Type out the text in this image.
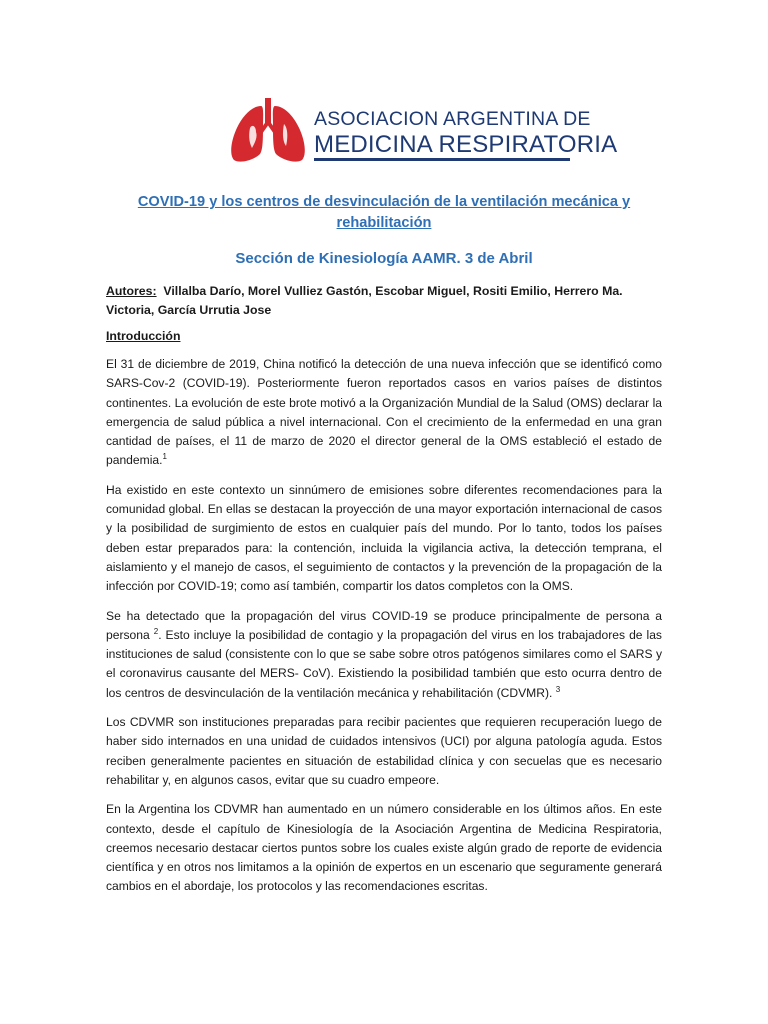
ASOCIACION ARGENTINA DE
MEDICINA RESPIRATORIA
COVID-19 y los centros de desvinculación de la ventilación mecánica y rehabilitación
Sección de Kinesiología AAMR. 3 de Abril
Autores: Villalba Darío, Morel Vulliez Gastón, Escobar Miguel, Rositi Emilio, Herrero Ma. Victoria, García Urrutia Jose
Introducción

El 31 de diciembre de 2019, China notificó la detección de una nueva infección que se identificó como SARS-Cov-2 (COVID-19). Posteriormente fueron reportados casos en varios países de distintos continentes. La evolución de este brote motivó a la Organización Mundial de la Salud (OMS) declarar la emergencia de salud pública a nivel internacional. Con el crecimiento de la enfermedad en una gran cantidad de países, el 11 de marzo de 2020 el director general de la OMS estableció el estado de pandemia.$^1$

Ha existido en este contexto un sinnúmero de emisiones sobre diferentes recomendaciones para la comunidad global. En ellas se destacan la proyección de una mayor exportación internacional de casos y la posibilidad de surgimiento de estos en cualquier país del mundo. Por lo tanto, todos los países deben estar preparados para: la contención, incluida la vigilancia activa, la detección temprana, el aislamiento y el manejo de casos, el seguimiento de contactos y la prevención de la propagación de la infección por COVID-19; como así también, compartir los datos completos con la OMS.

Se ha detectado que la propagación del virus COVID-19 se produce principalmente de persona a persona $^2$. Esto incluye la posibilidad de contagio y la propagación del virus en los trabajadores de las instituciones de salud (consistente con lo que se sabe sobre otros patógenos similares como el SARS y el coronavirus causante del MERS- CoV). Existiendo la posibilidad también que esto ocurra dentro de los centros de desvinculación de la ventilación mecánica y rehabilitación (CDVMR). $^3$

Los CDVMR son instituciones preparadas para recibir pacientes que requieren recuperación luego de haber sido internados en una unidad de cuidados intensivos (UCI) por alguna patología aguda. Estos reciben generalmente pacientes en situación de estabilidad clínica y con secuelas que es necesario rehabilitar y, en algunos casos, evitar que su cuadro empeore.

En la Argentina los CDVMR han aumentado en un número considerable en los últimos años. En este contexto, desde el capítulo de Kinesiología de la Asociación Argentina de Medicina Respiratoria, creemos necesario destacar ciertos puntos sobre los cuales existe algún grado de reporte de evidencia científica y en otros nos limitamos a la opinión de expertos en un escenario que seguramente generará cambios en el abordaje, los protocolos y las recomendaciones escritas.
